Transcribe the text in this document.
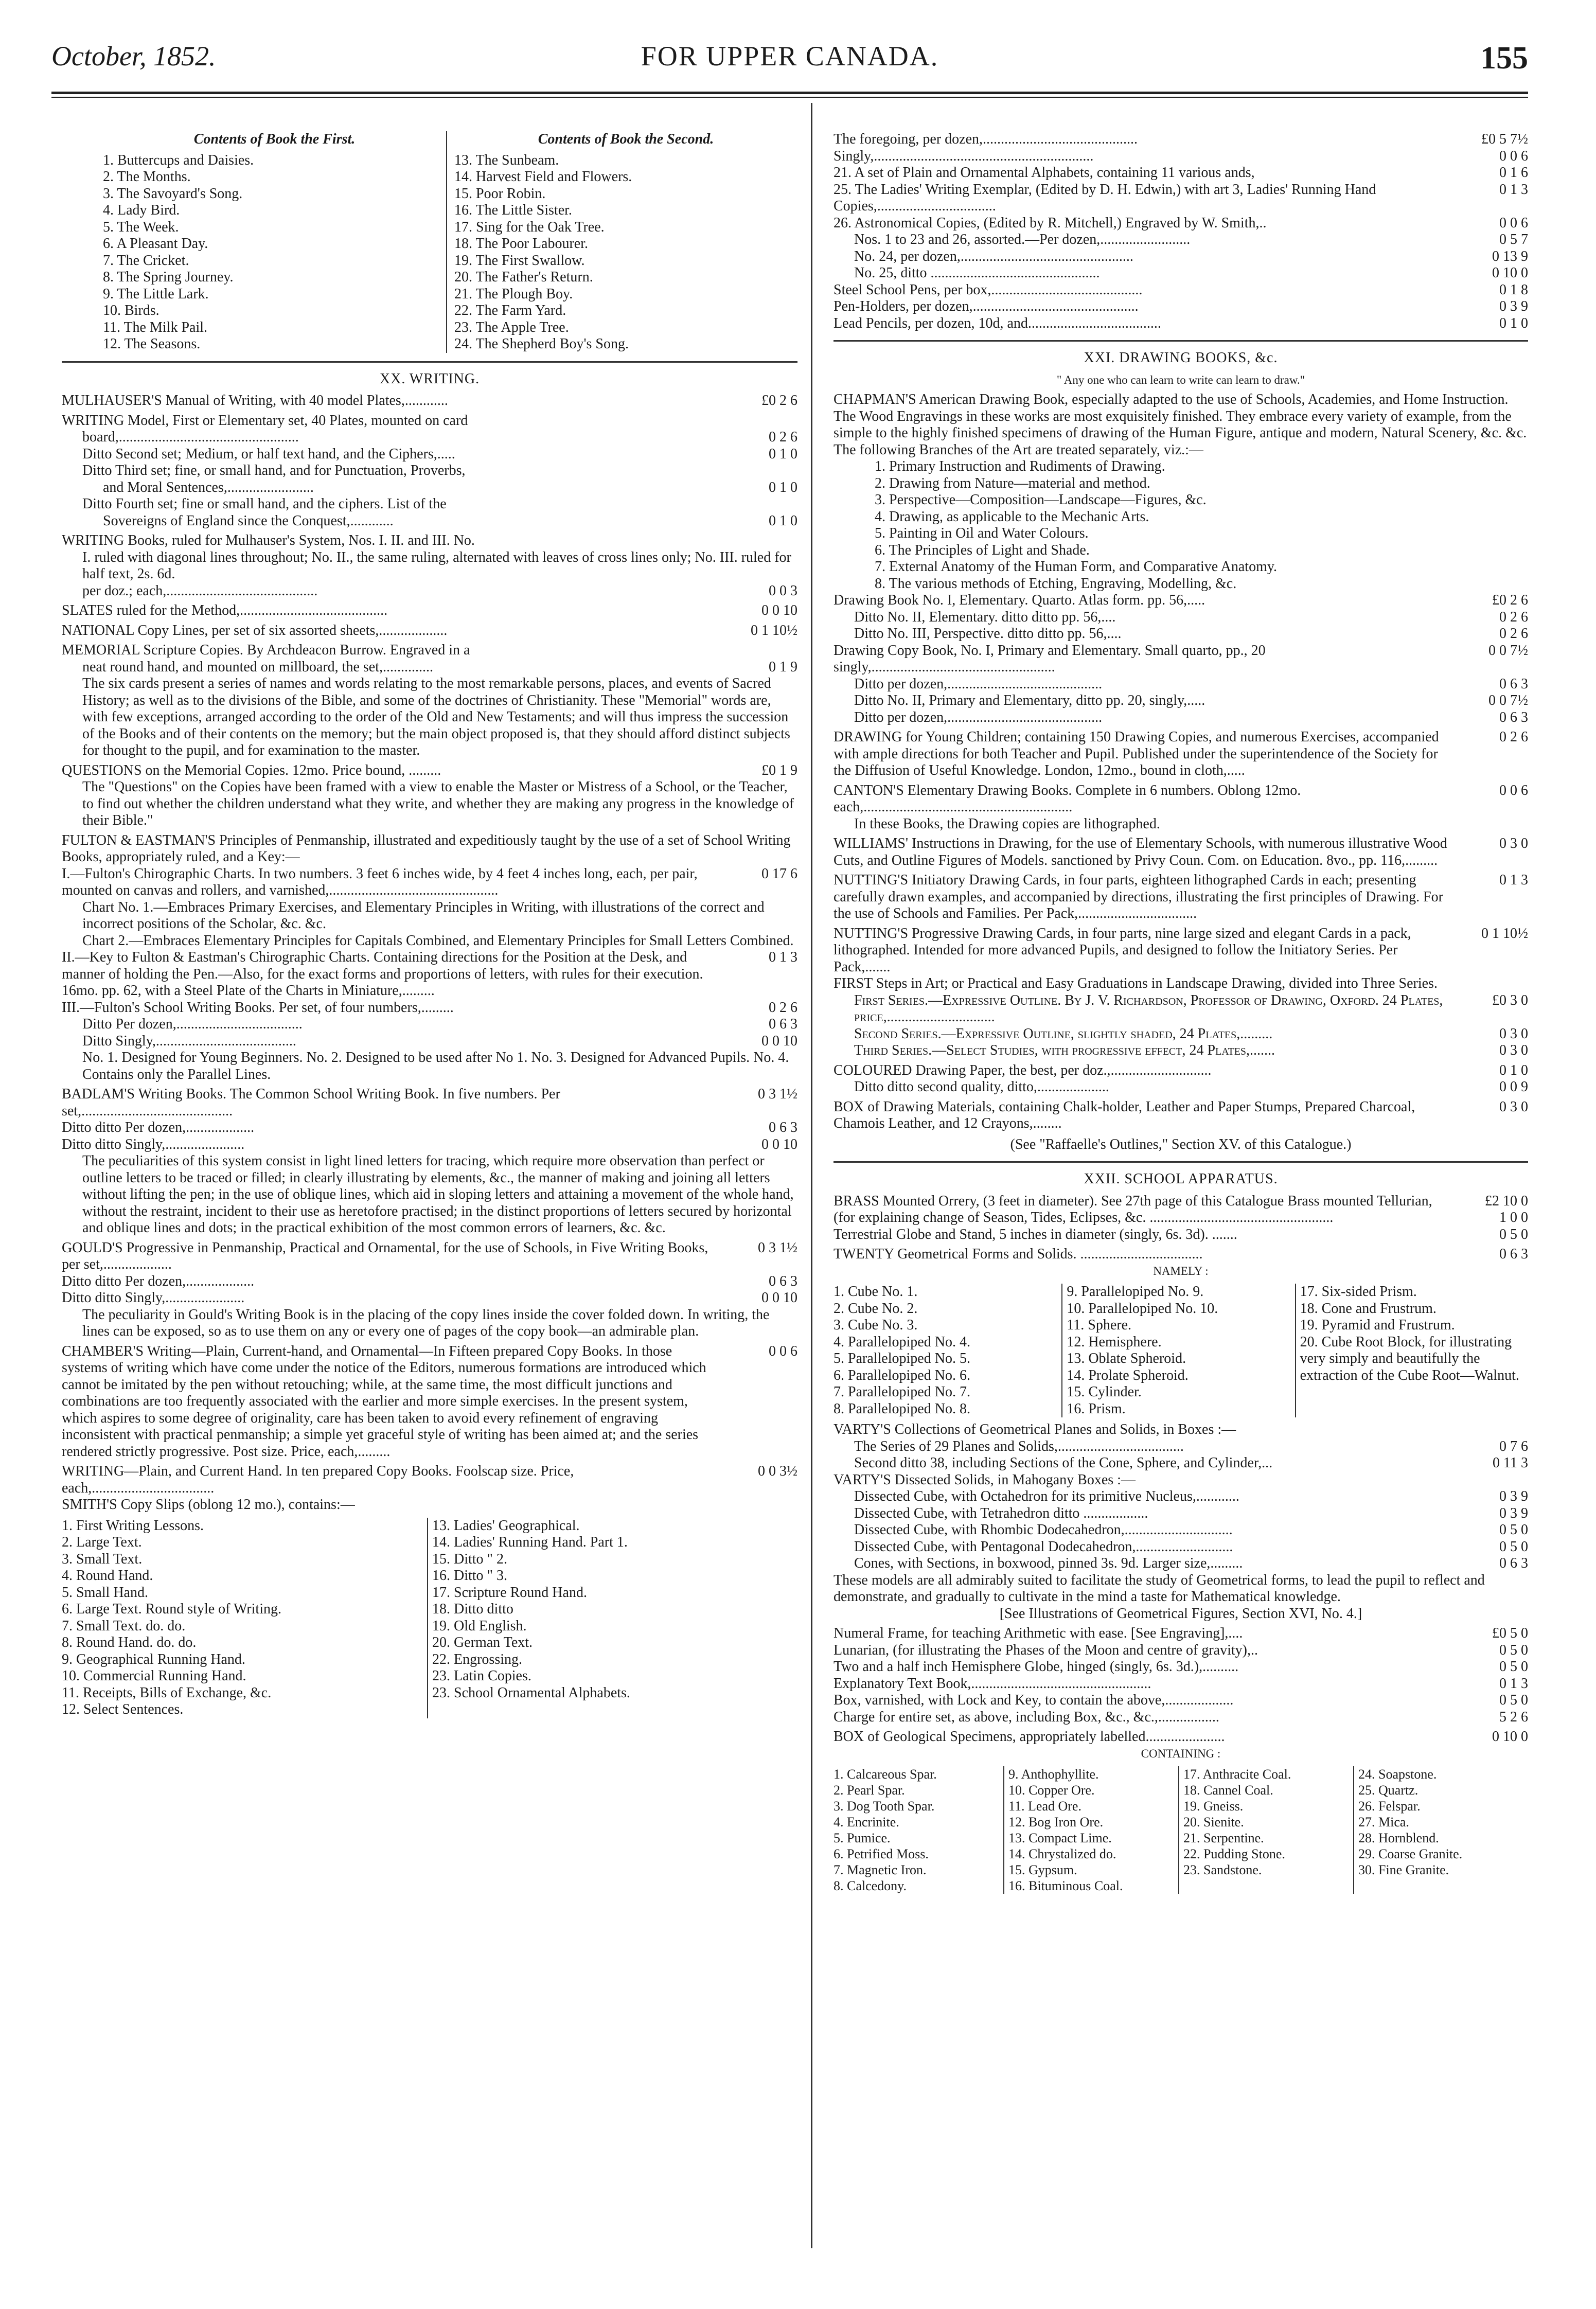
October, 1852.	FOR UPPER CANADA.	155
Contents of Book the First.
1. Buttercups and Daisies.
2. The Months.
3. The Savoyard's Song.
4. Lady Bird.
5. The Week.
6. A Pleasant Day.
7. The Cricket.
8. The Spring Journey.
9. The Little Lark.
10. Birds.
11. The Milk Pail.
12. The Seasons.
Contents of Book the Second.
13. The Sunbeam.
14. Harvest Field and Flowers.
15. Poor Robin.
16. The Little Sister.
17. Sing for the Oak Tree.
18. The Poor Labourer.
19. The First Swallow.
20. The Father's Return.
21. The Plough Boy.
22. The Farm Yard.
23. The Apple Tree.
24. The Shepherd Boy's Song.
XX. WRITING.
MULHAUSER'S Manual of Writing, with 40 model Plates,............	£0 2 6

WRITING Model, First or Elementary set, 40 Plates, mounted on card

board,..................................................	0 2 6
Ditto Second set; Medium, or half text hand, and the Ciphers,.....	0 1 0

Ditto Third set; fine, or small hand, and for Punctuation, Proverbs,

and Moral Sentences,........................	0 1 0

Ditto Fourth set; fine or small hand, and the ciphers. List of the

Sovereigns of England since the Conquest,............	0 1 0

WRITING Books, ruled for Mulhauser's System, Nos. I. II. and III. No.

I. ruled with diagonal lines throughout; No. II., the same ruling, alternated with leaves of cross lines only; No. III. ruled for half text, 2s. 6d.

per doz.; each,..........................................	0 0 3
SLATES ruled for the Method,.........................................	0 0 10
NATIONAL Copy Lines, per set of six assorted sheets,...................	0 1 10½

MEMORIAL Scripture Copies. By Archdeacon Burrow. Engraved in a

neat round hand, and mounted on millboard, the set,..............	0 1 9

The six cards present a series of names and words relating to the most remarkable persons, places, and events of Sacred History; as well as to the divisions of the Bible, and some of the doctrines of Christianity. These "Memorial" words are, with few exceptions, arranged according to the order of the Old and New Testaments; and will thus impress the succession of the Books and of their contents on the memory; but the main object proposed is, that they should afford distinct subjects for thought to the pupil, and for examination to the master.

QUESTIONS on the Memorial Copies. 12mo. Price bound, .........	£0 1 9

The "Questions" on the Copies have been framed with a view to enable the Master or Mistress of a School, or the Teacher, to find out whether the children understand what they write, and whether they are making any progress in the knowledge of their Bible."

FULTON & EASTMAN'S Principles of Penmanship, illustrated and expeditiously taught by the use of a set of School Writing Books, appropriately ruled, and a Key:—

I.—Fulton's Chirographic Charts. In two numbers. 3 feet 6 inches wide, by 4 feet 4 inches long, each, per pair, mounted on canvas and rollers, and varnished,...............................................
0 17 6

Chart No. 1.—Embraces Primary Exercises, and Elementary Principles in Writing, with illustrations of the correct and incorrect positions of the Scholar, &c. &c.

Chart 2.—Embraces Elementary Principles for Capitals Combined, and Elementary Principles for Small Letters Combined.

II.—Key to Fulton & Eastman's Chirographic Charts. Containing directions for the Position at the Desk, and manner of holding the Pen.—Also, for the exact forms and proportions of letters, with rules for their execution. 16mo. pp. 62, with a Steel Plate of the Charts in Miniature,.........
0 1 3
III.—Fulton's School Writing Books. Per set, of four numbers,.........	0 2 6
Ditto Per dozen,...................................	0 6 3
Ditto Singly,.......................................	0 0 10

No. 1. Designed for Young Beginners. No. 2. Designed to be used after No 1. No. 3. Designed for Advanced Pupils. No. 4. Contains only the Parallel Lines.

BADLAM'S Writing Books. The Common School Writing Book. In five numbers. Per set,..........................................
0 3 1½
Ditto ditto Per dozen,...................	0 6 3
Ditto ditto Singly,......................	0 0 10

The peculiarities of this system consist in light lined letters for tracing, which require more observation than perfect or outline letters to be traced or filled; in clearly illustrating by elements, &c., the manner of making and joining all letters without lifting the pen; in the use of oblique lines, which aid in sloping letters and attaining a movement of the whole hand, without the restraint, incident to their use as heretofore practised; in the distinct proportions of letters secured by horizontal and oblique lines and dots; in the practical exhibition of the most common errors of learners, &c. &c.

GOULD'S Progressive in Penmanship, Practical and Ornamental, for the use of Schools, in Five Writing Books, per set,...................
0 3 1½
Ditto ditto Per dozen,...................	0 6 3
Ditto ditto Singly,......................	0 0 10

The peculiarity in Gould's Writing Book is in the placing of the copy lines inside the cover folded down. In writing, the lines can be exposed, so as to use them on any or every one of pages of the copy book—an admirable plan.

CHAMBER'S Writing—Plain, Current-hand, and Ornamental—In Fifteen prepared Copy Books. In those systems of writing which have come under the notice of the Editors, numerous formations are introduced which cannot be imitated by the pen without retouching; while, at the same time, the most difficult junctions and combinations are too frequently associated with the earlier and more simple exercises. In the present system, which aspires to some degree of originality, care has been taken to avoid every refinement of engraving inconsistent with practical penmanship; a simple yet graceful style of writing has been aimed at; and the series rendered strictly progressive. Post size. Price, each,.........
0 0 6
WRITING—Plain, and Current Hand. In ten prepared Copy Books. Foolscap size. Price, each,..................................
0 0 3½

SMITH'S Copy Slips (oblong 12 mo.), contains:—

1. First Writing Lessons.
2. Large Text.
3. Small Text.
4. Round Hand.
5. Small Hand.
6. Large Text. Round style of Writing.
7. Small Text. do. do.
8. Round Hand. do. do.
9. Geographical Running Hand.
10. Commercial Running Hand.
11. Receipts, Bills of Exchange, &c.
12. Select Sentences.
13. Ladies' Geographical.
14. Ladies' Running Hand. Part 1.
15. Ditto " 2.
16. Ditto " 3.
17. Scripture Round Hand.
18. Ditto ditto
19. Old English.
20. German Text.
22. Engrossing.
23. Latin Copies.
23. School Ornamental Alphabets.
The foregoing, per dozen,...........................................	£0 5 7½
Singly,.............................................................	0 0 6
21. A set of Plain and Ornamental Alphabets, containing 11 various ands,	0 1 6
25. The Ladies' Writing Exemplar, (Edited by D. H. Edwin,) with art 3, Ladies' Running Hand Copies,.................................
0 1 3
26. Astronomical Copies, (Edited by R. Mitchell,) Engraved by W. Smith,..	0 0 6
Nos. 1 to 23 and 26, assorted.—Per dozen,.........................	0 5 7
No. 24, per dozen,................................................	0 13 9
No. 25, ditto ...............................................	0 10 0
Steel School Pens, per box,..........................................	0 1 8
Pen-Holders, per dozen,..............................................	0 3 9
Lead Pencils, per dozen, 10d, and.....................................	0 1 0
XXI. DRAWING BOOKS, &c.
" Any one who can learn to write can learn to draw."

CHAPMAN'S American Drawing Book, especially adapted to the use of Schools, Academies, and Home Instruction. The Wood Engravings in these works are most exquisitely finished. They embrace every variety of example, from the simple to the highly finished specimens of drawing of the Human Figure, antique and modern, Natural Scenery, &c. &c.

The following Branches of the Art are treated separately, viz.:—

1. Primary Instruction and Rudiments of Drawing.
2. Drawing from Nature—material and method.
3. Perspective—Composition—Landscape—Figures, &c.
4. Drawing, as applicable to the Mechanic Arts.
5. Painting in Oil and Water Colours.
6. The Principles of Light and Shade.
7. External Anatomy of the Human Form, and Comparative Anatomy.
8. The various methods of Etching, Engraving, Modelling, &c.
Drawing Book No. I, Elementary. Quarto. Atlas form. pp. 56,.....	£0 2 6
Ditto No. II, Elementary. ditto ditto pp. 56,....	0 2 6
Ditto No. III, Perspective. ditto ditto pp. 56,....	0 2 6
Drawing Copy Book, No. I, Primary and Elementary. Small quarto, pp., 20 singly,...................................................
0 0 7½
Ditto per dozen,...........................................	0 6 3
Ditto No. II, Primary and Elementary, ditto pp. 20, singly,.....	0 0 7½
Ditto per dozen,...........................................	0 6 3
DRAWING for Young Children; containing 150 Drawing Copies, and numerous Exercises, accompanied with ample directions for both Teacher and Pupil. Published under the superintendence of the Society for the Diffusion of Useful Knowledge. London, 12mo., bound in cloth,.....
0 2 6
CANTON'S Elementary Drawing Books. Complete in 6 numbers. Oblong 12mo. each,..........................................................
0 0 6

In these Books, the Drawing copies are lithographed.

WILLIAMS' Instructions in Drawing, for the use of Elementary Schools, with numerous illustrative Wood Cuts, and Outline Figures of Models. sanctioned by Privy Coun. Com. on Education. 8vo., pp. 116,.........
0 3 0
NUTTING'S Initiatory Drawing Cards, in four parts, eighteen lithographed Cards in each; presenting carefully drawn examples, and accompanied by directions, illustrating the first principles of Drawing. For the use of Schools and Families. Per Pack,.................................
0 1 3
NUTTING'S Progressive Drawing Cards, in four parts, nine large sized and elegant Cards in a pack, lithographed. Intended for more advanced Pupils, and designed to follow the Initiatory Series. Per Pack,.......
0 1 10½

FIRST Steps in Art; or Practical and Easy Graduations in Landscape Drawing, divided into Three Series.

First Series.—Expressive Outline. By J. V. Richardson, Professor of Drawing, Oxford. 24 Plates, price,..............................
£0 3 0
Second Series.—Expressive Outline, slightly shaded, 24 Plates,.........	0 3 0
Third Series.—Select Studies, with progressive effect, 24 Plates,.......	0 3 0
COLOURED Drawing Paper, the best, per doz.,............................	0 1 0
Ditto ditto second quality, ditto,....................	0 0 9
BOX of Drawing Materials, containing Chalk-holder, Leather and Paper Stumps, Prepared Charcoal, Chamois Leather, and 12 Crayons,........
0 3 0

(See "Raffaelle's Outlines," Section XV. of this Catalogue.)

XXII. SCHOOL APPARATUS.
BRASS Mounted Orrery, (3 feet in diameter). See 27th page of this Catalogue Brass mounted Tellurian, (for explaining change of Season, Tides, Eclipses, &c. ...................................................
£2 10 0
1 0 0
Terrestrial Globe and Stand, 5 inches in diameter (singly, 6s. 3d). .......	0 5 0
TWENTY Geometrical Forms and Solids. ..................................	0 6 3
NAMELY :
1. Cube No. 1.
2. Cube No. 2.
3. Cube No. 3.
4. Parallelopiped No. 4.
5. Parallelopiped No. 5.
6. Parallelopiped No. 6.
7. Parallelopiped No. 7.
8. Parallelopiped No. 8.
9. Parallelopiped No. 9.
10. Parallelopiped No. 10.
11. Sphere.
12. Hemisphere.
13. Oblate Spheroid.
14. Prolate Spheroid.
15. Cylinder.
16. Prism.
17. Six-sided Prism.
18. Cone and Frustrum.
19. Pyramid and Frustrum.
20. Cube Root Block, for illustrating very simply and beautifully the extraction of the Cube Root—Walnut.

VARTY'S Collections of Geometrical Planes and Solids, in Boxes :—

The Series of 29 Planes and Solids,...................................	0 7 6
Second ditto 38, including Sections of the Cone, Sphere, and Cylinder,...	0 11 3

VARTY'S Dissected Solids, in Mahogany Boxes :—

Dissected Cube, with Octahedron for its primitive Nucleus,............	0 3 9
Dissected Cube, with Tetrahedron ditto ..................	0 3 9
Dissected Cube, with Rhombic Dodecahedron,..............................	0 5 0
Dissected Cube, with Pentagonal Dodecahedron,...........................	0 5 0
Cones, with Sections, in boxwood, pinned 3s. 9d. Larger size,.........	0 6 3

These models are all admirably suited to facilitate the study of Geometrical forms, to lead the pupil to reflect and demonstrate, and gradually to cultivate in the mind a taste for Mathematical knowledge.

[See Illustrations of Geometrical Figures, Section XVI, No. 4.]

Numeral Frame, for teaching Arithmetic with ease. [See Engraving],....	£0 5 0
Lunarian, (for illustrating the Phases of the Moon and centre of gravity),..	0 5 0
Two and a half inch Hemisphere Globe, hinged (singly, 6s. 3d.),..........	0 5 0
Explanatory Text Book,..................................................	0 1 3
Box, varnished, with Lock and Key, to contain the above,...................	0 5 0
Charge for entire set, as above, including Box, &c., &c.,.................	5 2 6
BOX of Geological Specimens, appropriately labelled......................	0 10 0
CONTAINING :
1. Calcareous Spar.
2. Pearl Spar.
3. Dog Tooth Spar.
4. Encrinite.
5. Pumice.
6. Petrified Moss.
7. Magnetic Iron.
8. Calcedony.
9. Anthophyllite.
10. Copper Ore.
11. Lead Ore.
12. Bog Iron Ore.
13. Compact Lime.
14. Chrystalized do.
15. Gypsum.
16. Bituminous Coal.
17. Anthracite Coal.
18. Cannel Coal.
19. Gneiss.
20. Sienite.
21. Serpentine.
22. Pudding Stone.
23. Sandstone.
24. Soapstone.
25. Quartz.
26. Felspar.
27. Mica.
28. Hornblend.
29. Coarse Granite.
30. Fine Granite.
